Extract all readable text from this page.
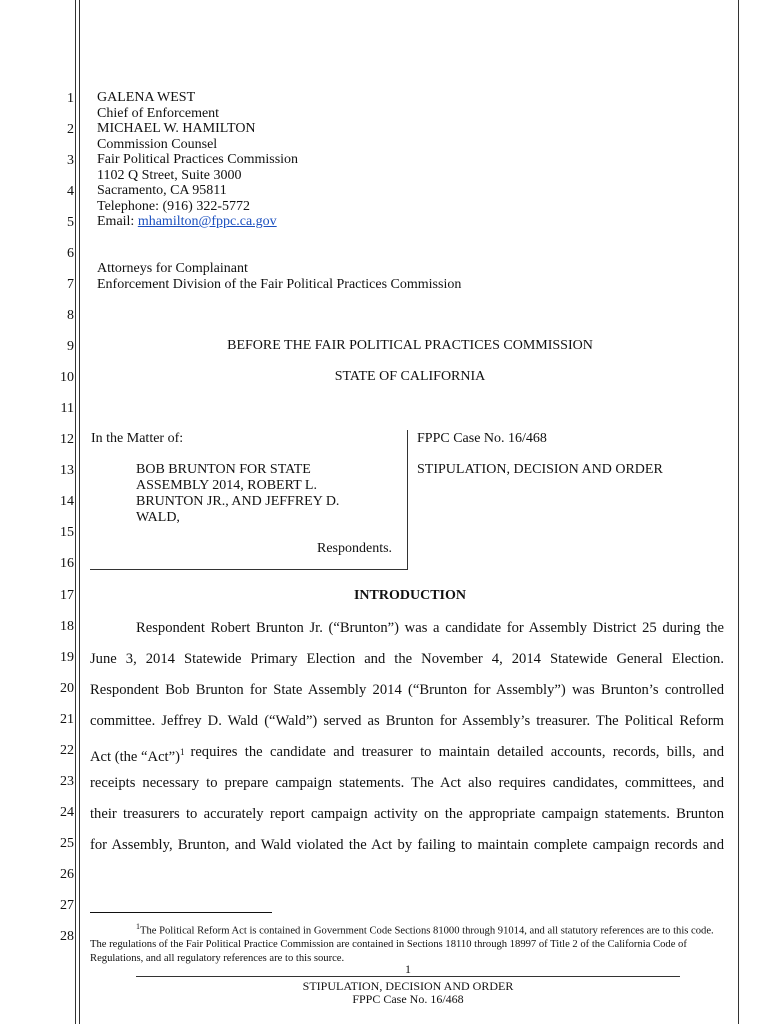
1
2
3
4
5
6
7
8
9
10
11
12
13
14
15
16
17
18
19
20
21
22
23
24
25
26
27
28
GALENA WEST
Chief of Enforcement
MICHAEL W. HAMILTON
Commission Counsel
Fair Political Practices Commission
1102 Q Street, Suite 3000
Sacramento, CA 95811
Telephone: (916) 322-5772
Email: mhamilton@fppc.ca.gov
Attorneys for Complainant
Enforcement Division of the Fair Political Practices Commission
BEFORE THE FAIR POLITICAL PRACTICES COMMISSION
STATE OF CALIFORNIA
In the Matter of:
BOB BRUNTON FOR STATE
ASSEMBLY 2014, ROBERT L.
BRUNTON JR., AND JEFFREY D.
WALD,
Respondents.
FPPC Case No. 16/468
STIPULATION, DECISION AND ORDER
INTRODUCTION
Respondent Robert Brunton Jr. (“Brunton”) was a candidate for Assembly District 25 during the
June 3, 2014 Statewide Primary Election and the November 4, 2014 Statewide General Election.
Respondent Bob Brunton for State Assembly 2014 (“Brunton for Assembly”) was Brunton’s controlled
committee. Jeffrey D. Wald (“Wald”) served as Brunton for Assembly’s treasurer. The Political Reform
Act (the “Act”)$^1$ requires the candidate and treasurer to maintain detailed accounts, records, bills, and
receipts necessary to prepare campaign statements. The Act also requires candidates, committees, and
their treasurers to accurately report campaign activity on the appropriate campaign statements. Brunton
for Assembly, Brunton, and Wald violated the Act by failing to maintain complete campaign records and
$^1$The Political Reform Act is contained in Government Code Sections 81000 through 91014, and all statutory references are to this code. The regulations of the Fair Political Practice Commission are contained in Sections 18110 through 18997 of Title 2 of the California Code of Regulations, and all regulatory references are to this source.
1
STIPULATION, DECISION AND ORDER
FPPC Case No. 16/468
